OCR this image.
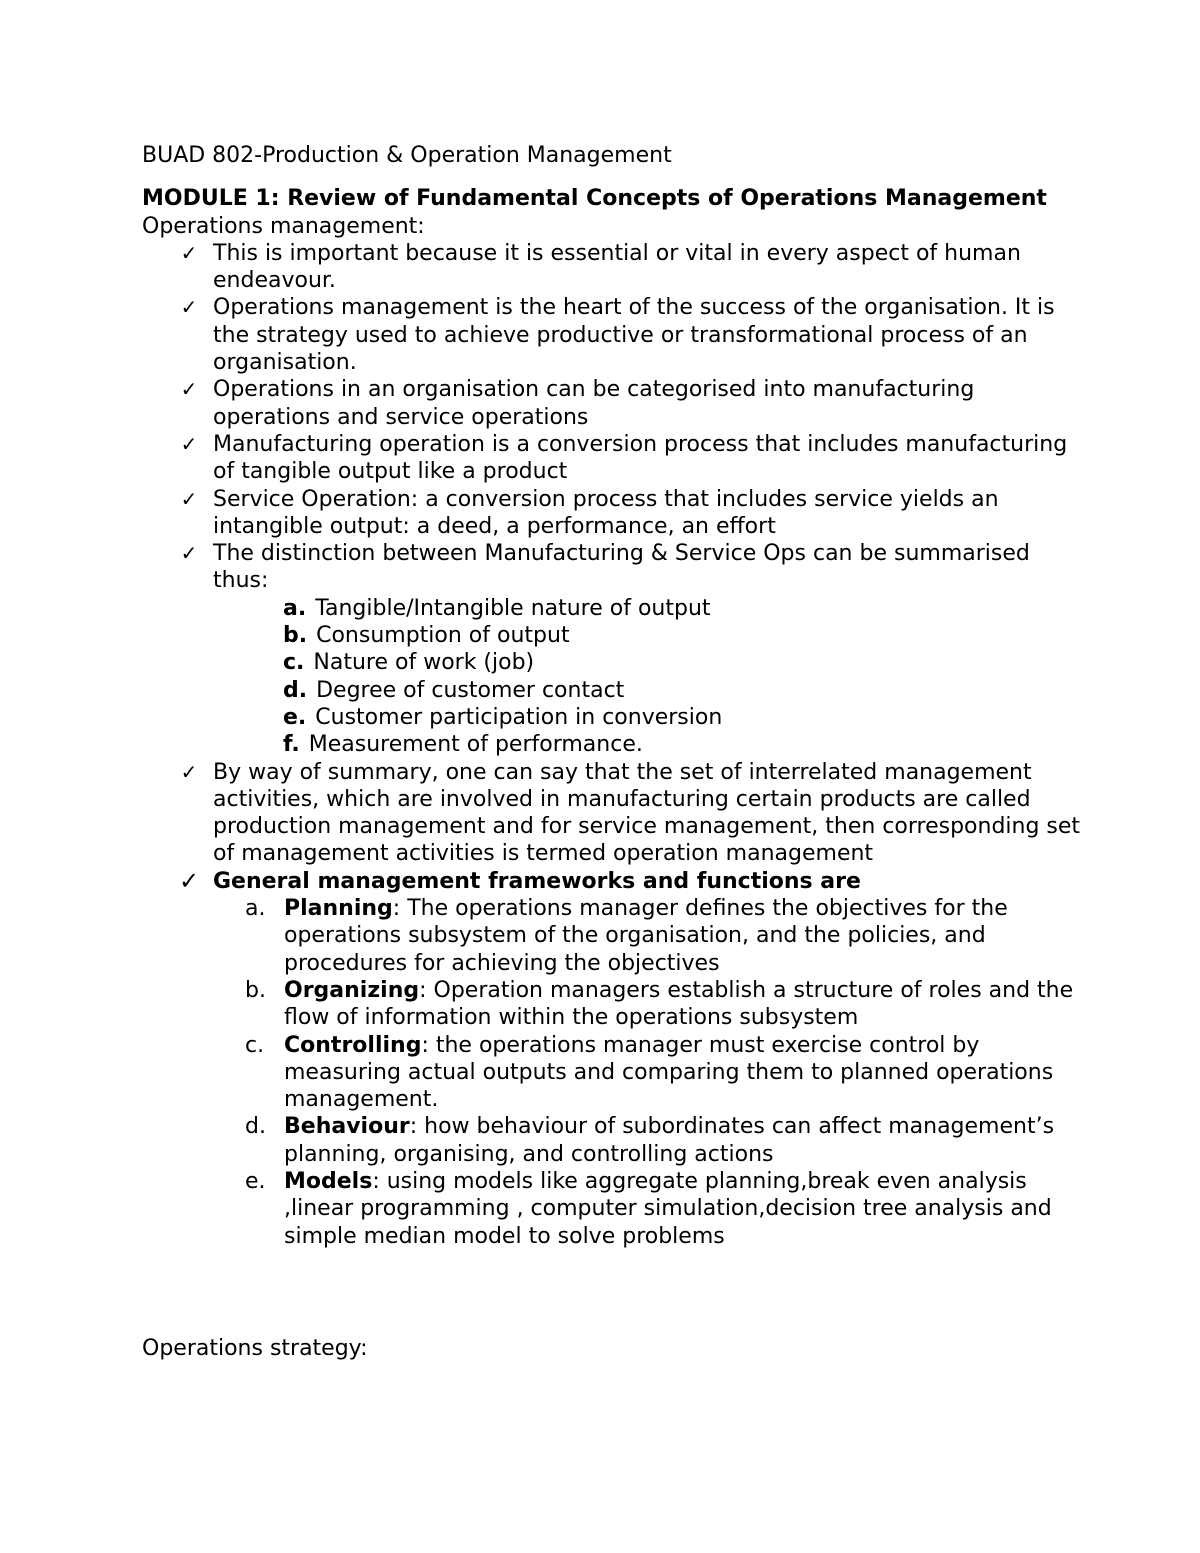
BUAD 802-Production & Operation Management

MODULE 1: Review of Fundamental Concepts of Operations Management

Operations management:

✓ This is important because it is essential or vital in every aspect of human endeavour.
✓ Operations management is the heart of the success of the organisation. It is the strategy used to achieve productive or transformational process of an organisation.
✓ Operations in an organisation can be categorised into manufacturing operations and service operations
✓ Manufacturing operation is a conversion process that includes manufacturing of tangible output like a product
✓ Service Operation: a conversion process that includes service yields an intangible output: a deed, a performance, an effort
✓ The distinction between Manufacturing & Service Ops can be summarised thus:
a. Tangible/Intangible nature of output
b. Consumption of output
c. Nature of work (job)
d. Degree of customer contact
e. Customer participation in conversion
f. Measurement of performance.
✓ By way of summary, one can say that the set of interrelated management activities, which are involved in manufacturing certain products are called production management and for service management, then corresponding set of management activities is termed operation management
✓ General management frameworks and functions are
a. Planning: The operations manager defines the objectives for the operations subsystem of the organisation, and the policies, and procedures for achieving the objectives
b. Organizing: Operation managers establish a structure of roles and the flow of information within the operations subsystem
c. Controlling: the operations manager must exercise control by measuring actual outputs and comparing them to planned operations management.
d. Behaviour: how behaviour of subordinates can affect management’s planning, organising, and controlling actions
e. Models: using models like aggregate planning,break even analysis ,linear programming , computer simulation,decision tree analysis and simple median model to solve problems

Operations strategy:
